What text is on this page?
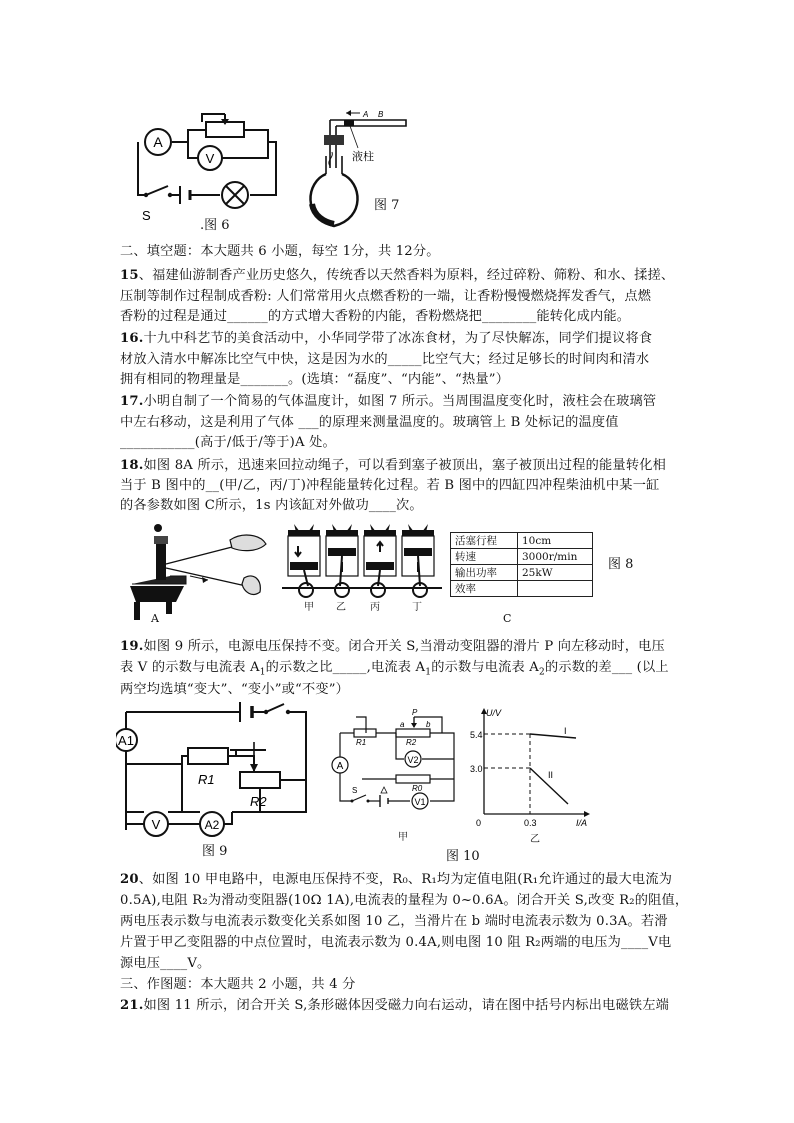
A
V
S
.图 6
A B
液柱
图 7
二、填空题：本大题共 6 小题，每空 1分，共 12分。
15、福建仙游制香产业历史悠久，传统香以天然香料为原料，经过碎粉、筛粉、和水、揉搓、
压制等制作过程制成香粉: 人们常常用火点燃香粉的一端，让香粉慢慢燃烧挥发香气，点燃
香粉的过程是通过______的方式增大香粉的内能，香粉燃烧把________能转化成内能。
16.十九中科艺节的美食活动中，小华同学带了冰冻食材，为了尽快解冻，同学们提议将食
材放入清水中解冻比空气中快，这是因为水的_____比空气大；经过足够长的时间肉和清水
拥有相同的物理量是_______。(选填：“磊度”、“内能”、“热量”）
17.小明自制了一个简易的气体温度计，如图 7 所示。当周围温度变化时，液柱会在玻璃管
中左右移动，这是利用了气体 ___的原理来测量温度的。玻璃管上 B 处标记的温度值
___________(高于/低于/等于)A 处。
18.如图 8A 所示，迅速来回拉动绳子，可以看到塞子被顶出，塞子被顶出过程的能量转化相
当于 B 图中的__(甲/乙，丙/丁)冲程能量转化过程。若 B 图中的四缸四冲程柴油机中某一缸
的各参数如图 C所示，1s 内该缸对外做功____次。
A
甲 乙 丙	丁
活塞行程	10cm
转速	3000r/min
输出功率	25kW
效率	
C
图 8
19.如图 9 所示，电源电压保持不变。闭合开关 S,当滑动变阻器的滑片 P 向左移动时，电压
表 V 的示数与电流表 $A_1$的示数之比_____,电流表 $A_1$的示数与电流表 $A_2$的示数的差___ (以上
两空均选填“变大”、“变小”或“不变”）
A1
V	A2
R1
R2
图 9
A
V2
V1
R1	R2
a	b
P
S	R0
甲
图 10
U/V
I/A
5.4
3.0
0	0.3
I
II
乙
20、如图 10 甲电路中，电源电压保持不变，R₀、R₁均为定值电阻(R₁允许通过的最大电流为
0.5A),电阻 R₂为滑动变阻器(10Ω 1A),电流表的量程为 0~0.6A。闭合开关 S,改变 R₂的阻值，
两电压表示数与电流表示数变化关系如图 10 乙，当滑片在 b 端时电流表示数为 0.3A。若滑
片置于甲乙变阻器的中点位置时，电流表示数为 0.4A,则电图 10 阻 R₂两端的电压为____V电
源电压____V。
三、作图题：本大题共 2 小题，共 4 分
21.如图 11 所示，闭合开关 S,条形磁体因受磁力向右运动，请在图中括号内标出电磁铁左端
